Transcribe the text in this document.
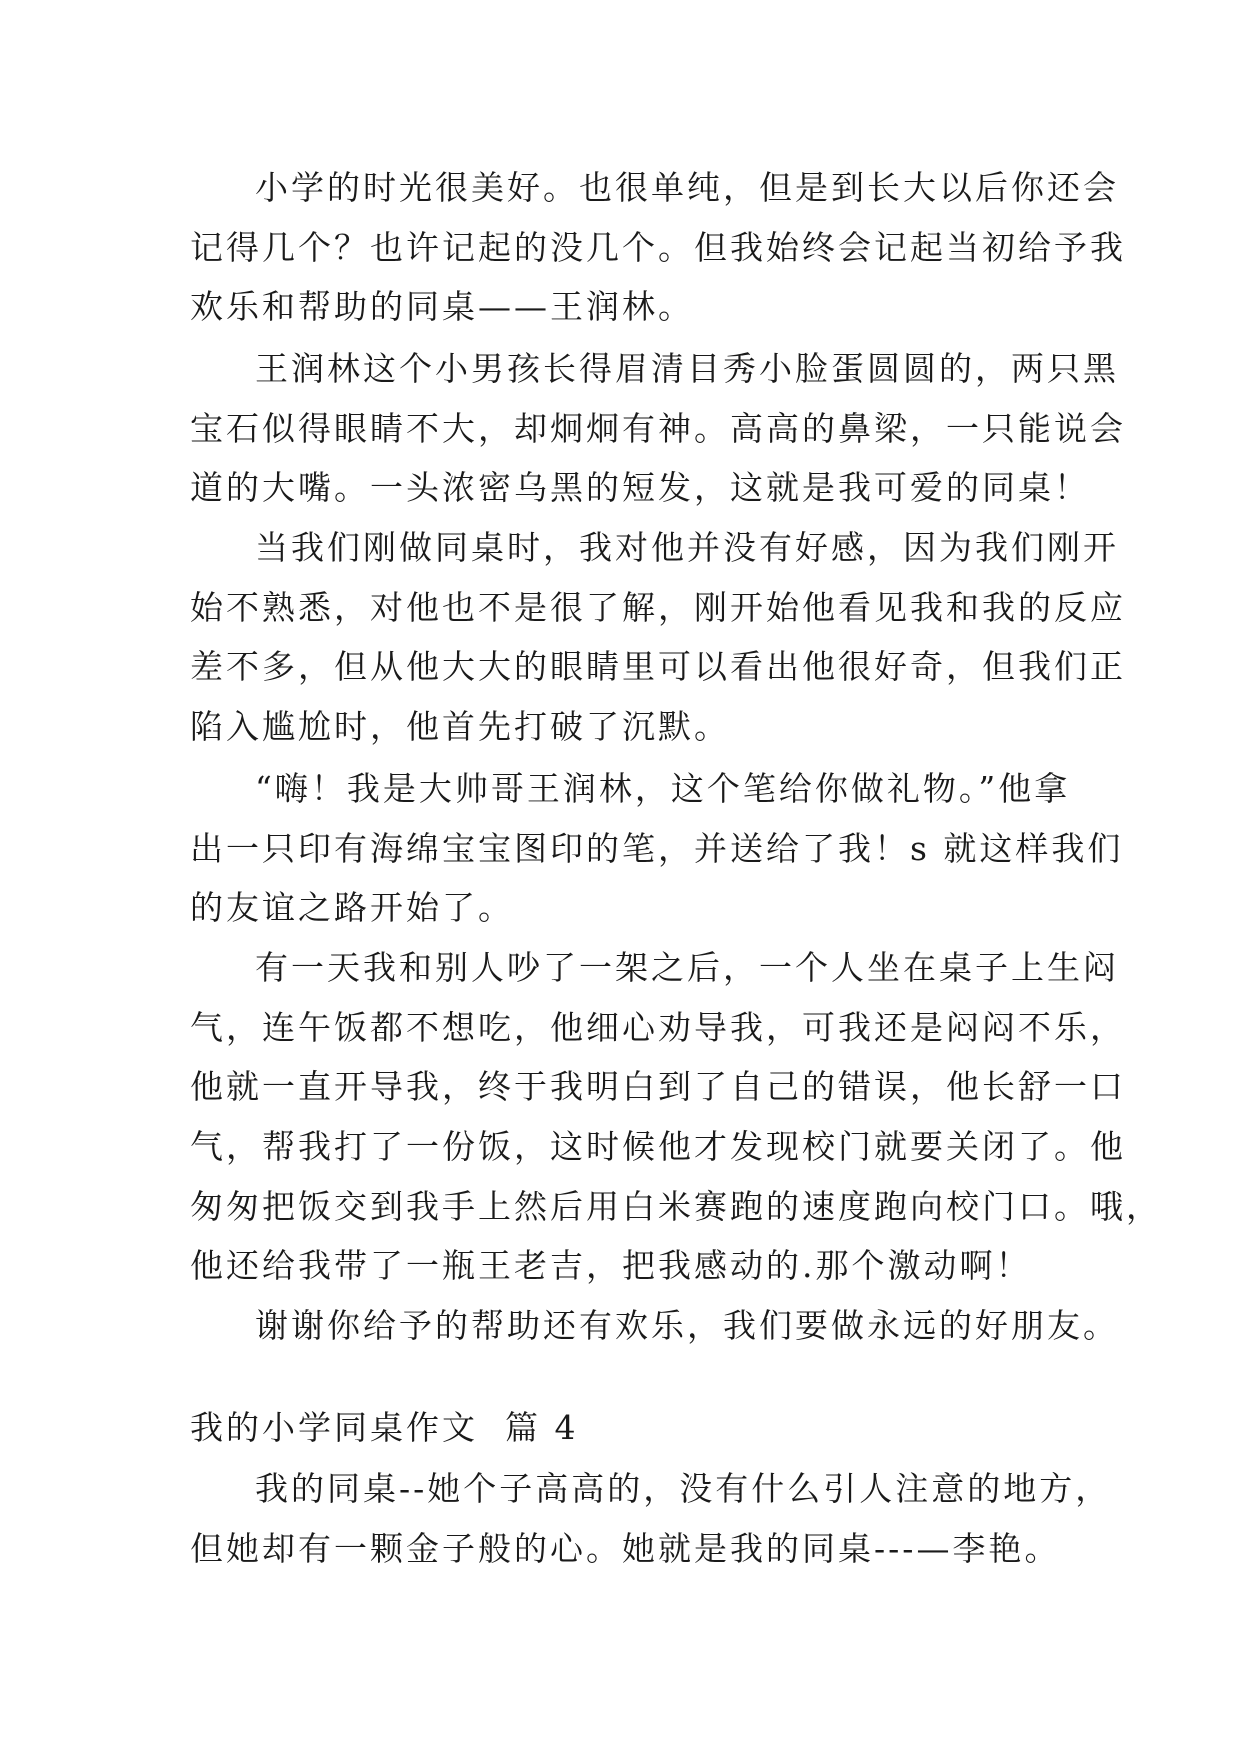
小学的时光很美好。也很单纯，但是到长大以后你还会
记得几个？也许记起的没几个。但我始终会记起当初给予我
欢乐和帮助的同桌——王润林。
王润林这个小男孩长得眉清目秀小脸蛋圆圆的，两只黑
宝石似得眼睛不大，却炯炯有神。高高的鼻梁，一只能说会
道的大嘴。一头浓密乌黑的短发，这就是我可爱的同桌！
当我们刚做同桌时，我对他并没有好感，因为我们刚开
始不熟悉，对他也不是很了解，刚开始他看见我和我的反应
差不多，但从他大大的眼睛里可以看出他很好奇，但我们正
陷入尴尬时，他首先打破了沉默。
“嗨！我是大帅哥王润林，这个笔给你做礼物。”他拿
出一只印有海绵宝宝图印的笔，并送给了我！s 就这样我们
的友谊之路开始了。
有一天我和别人吵了一架之后，一个人坐在桌子上生闷
气，连午饭都不想吃，他细心劝导我，可我还是闷闷不乐，
他就一直开导我，终于我明白到了自己的错误，他长舒一口
气，帮我打了一份饭，这时候他才发现校门就要关闭了。他
匆匆把饭交到我手上然后用白米赛跑的速度跑向校门口。哦，
他还给我带了一瓶王老吉，把我感动的.那个激动啊！
谢谢你给予的帮助还有欢乐，我们要做永远的好朋友。
我的小学同桌作文  篇 4
我的同桌--她个子高高的，没有什么引人注意的地方，
但她却有一颗金子般的心。她就是我的同桌---—李艳。
